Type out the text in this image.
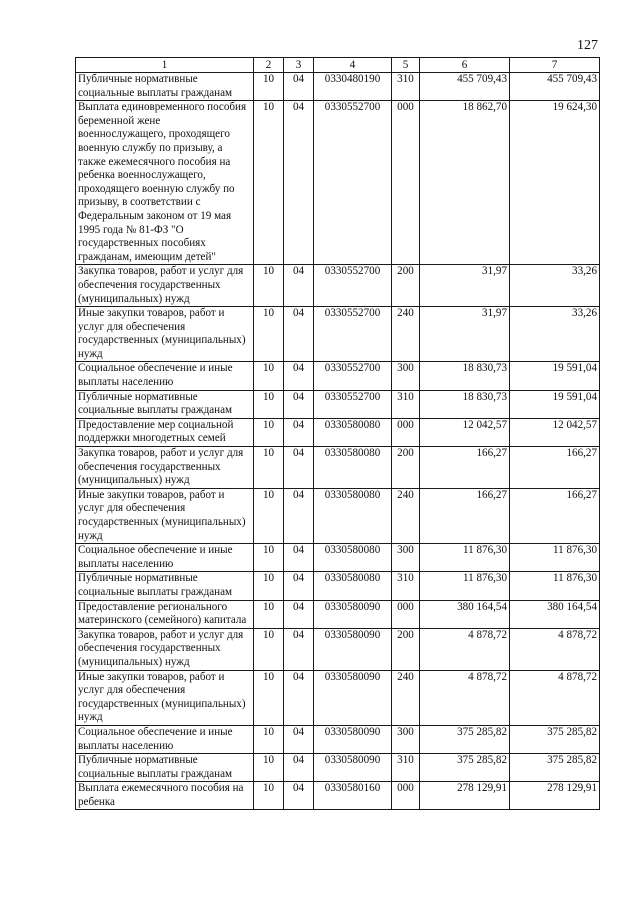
127
1	2	3	4	5	6	7
Публичные нормативные социальные выплаты гражданам	10	04	0330480190	310	455 709,43	455 709,43
Выплата единовременного пособия беременной жене военнослужащего, проходящего военную службу по призыву, а также ежемесячного пособия на ребенка военнослужащего, проходящего военную службу по призыву, в соответствии с Федеральным законом от 19 мая 1995 года № 81-ФЗ "О государственных пособиях гражданам, имеющим детей"	10	04	0330552700	000	18 862,70	19 624,30
Закупка товаров, работ и услуг для обеспечения государственных (муниципальных) нужд	10	04	0330552700	200	31,97	33,26
Иные закупки товаров, работ и услуг для обеспечения государственных (муниципальных) нужд	10	04	0330552700	240	31,97	33,26
Социальное обеспечение и иные выплаты населению	10	04	0330552700	300	18 830,73	19 591,04
Публичные нормативные социальные выплаты гражданам	10	04	0330552700	310	18 830,73	19 591,04
Предоставление мер социальной поддержки многодетных семей	10	04	0330580080	000	12 042,57	12 042,57
Закупка товаров, работ и услуг для обеспечения государственных (муниципальных) нужд	10	04	0330580080	200	166,27	166,27
Иные закупки товаров, работ и услуг для обеспечения государственных (муниципальных) нужд	10	04	0330580080	240	166,27	166,27
Социальное обеспечение и иные выплаты населению	10	04	0330580080	300	11 876,30	11 876,30
Публичные нормативные социальные выплаты гражданам	10	04	0330580080	310	11 876,30	11 876,30
Предоставление регионального материнского (семейного) капитала	10	04	0330580090	000	380 164,54	380 164,54
Закупка товаров, работ и услуг для обеспечения государственных (муниципальных) нужд	10	04	0330580090	200	4 878,72	4 878,72
Иные закупки товаров, работ и услуг для обеспечения государственных (муниципальных) нужд	10	04	0330580090	240	4 878,72	4 878,72
Социальное обеспечение и иные выплаты населению	10	04	0330580090	300	375 285,82	375 285,82
Публичные нормативные социальные выплаты гражданам	10	04	0330580090	310	375 285,82	375 285,82
Выплата ежемесячного пособия на ребенка	10	04	0330580160	000	278 129,91	278 129,91
